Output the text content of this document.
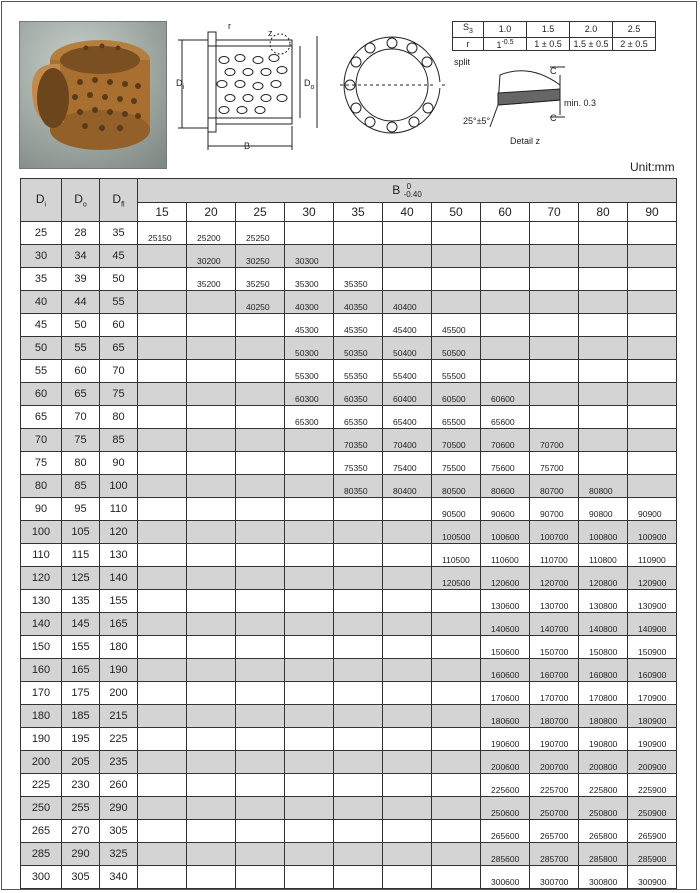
r
z
$D_i$	$D_o$
B
split
$S_3$	1.0	1.5	2.0	2.5
r	$1^{-0.5}$	1 ± 0.5	1.5 ± 0.5	2 ± 0.5
C
C
min. 0.3
25°±5°
Detail z
Unit:mm
$D_i$	$D_o$	$D_{fl}$	B 0
-0.40										

			15	20	25	30	35	40	50	60	70	80	90
25	28	35	25150	25200	25250								
30	34	45		30200	30250	30300							
35	39	50		35200	35250	35300	35350						
40	44	55			40250	40300	40350	40400					
45	50	60				45300	45350	45400	45500				
50	55	65				50300	50350	50400	50500				
55	60	70				55300	55350	55400	55500				
60	65	75				60300	60350	60400	60500	60600			
65	70	80				65300	65350	65400	65500	65600			
70	75	85					70350	70400	70500	70600	70700		
75	80	90					75350	75400	75500	75600	75700		
80	85	100					80350	80400	80500	80600	80700	80800	
90	95	110							90500	90600	90700	90800	90900
100	105	120							100500	100600	100700	100800	100900
110	115	130							110500	110600	110700	110800	110900
120	125	140							120500	120600	120700	120800	120900
130	135	155								130600	130700	130800	130900
140	145	165								140600	140700	140800	140900
150	155	180								150600	150700	150800	150900
160	165	190								160600	160700	160800	160900
170	175	200								170600	170700	170800	170900
180	185	215								180600	180700	180800	180900
190	195	225								190600	190700	190800	190900
200	205	235								200600	200700	200800	200900
225	230	260								225600	225700	225800	225900
250	255	290								250600	250700	250800	250900
265	270	305								265600	265700	265800	265900
285	290	325								285600	285700	285800	285900
300	305	340								300600	300700	300800	300900
